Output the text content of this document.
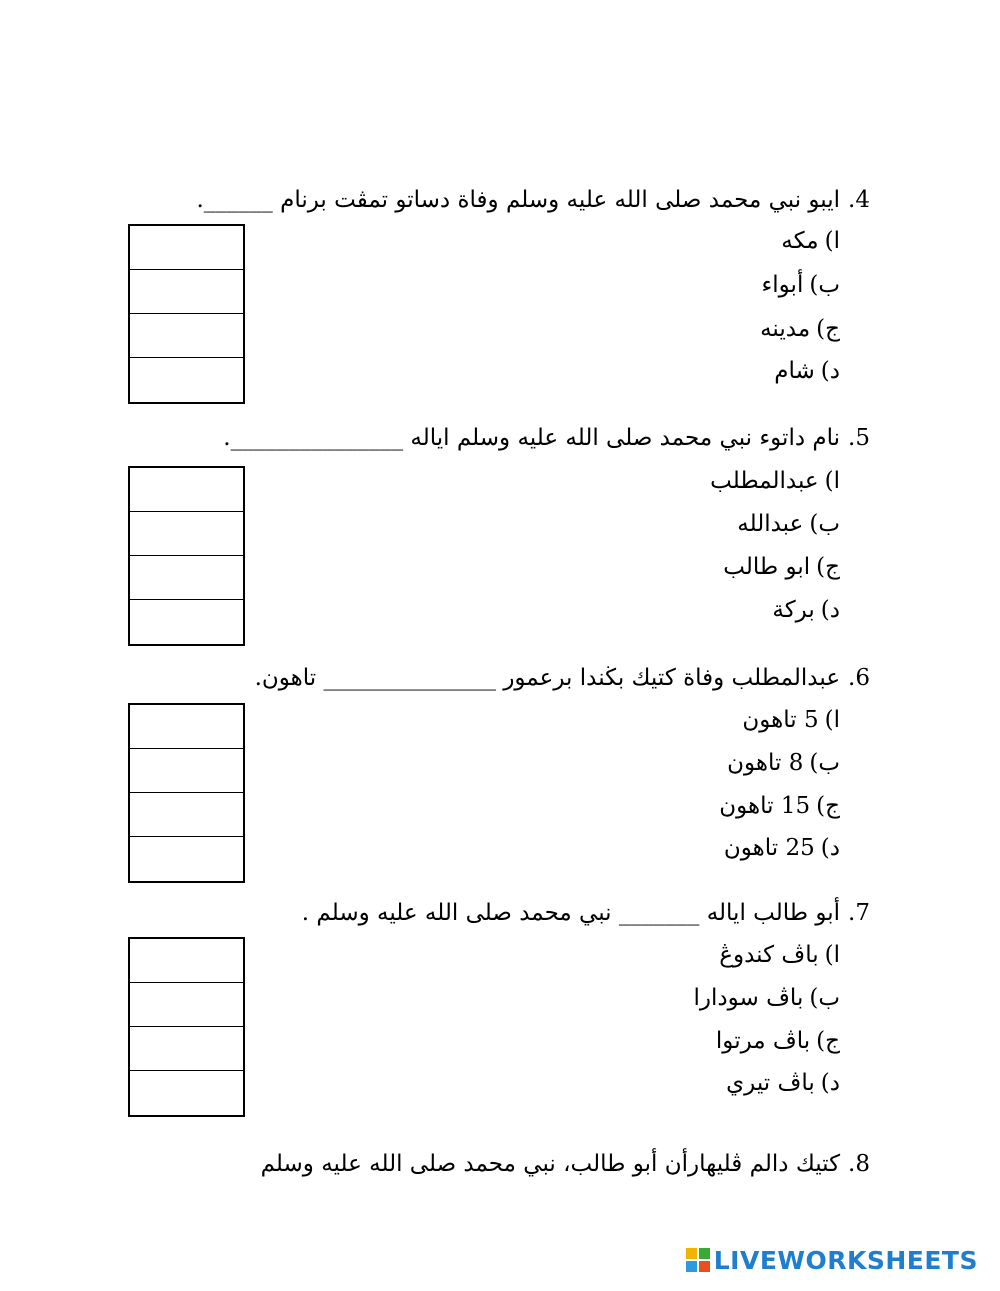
4.ايبو نبي محمد صلى الله عليه وسلم وفاة دساتو تمڤت برنام ______.
ا)مكه
ب)أبواء
ج)مدينه
د)شام
5.نام داتوء نبي محمد صلى الله عليه وسلم اياله _______________.
ا)عبدالمطلب
ب)عبدالله
ج)ابو طالب
د)بركة
6.عبدالمطلب وفاة كتيك بڬندا برعمور _______________ تاهون.
ا)5 تاهون
ب)8 تاهون
ج)15 تاهون
د)25 تاهون
7.أبو طالب اياله _______ نبي محمد صلى الله عليه وسلم .
ا)باڤ كندوڠ
ب)باڤ سودارا
ج)باڤ مرتوا
د)باڤ تيري
8.كتيك دالم ڤليهارأن أبو طالب، نبي محمد صلى الله عليه وسلم
LIVEWORKSHEETS
